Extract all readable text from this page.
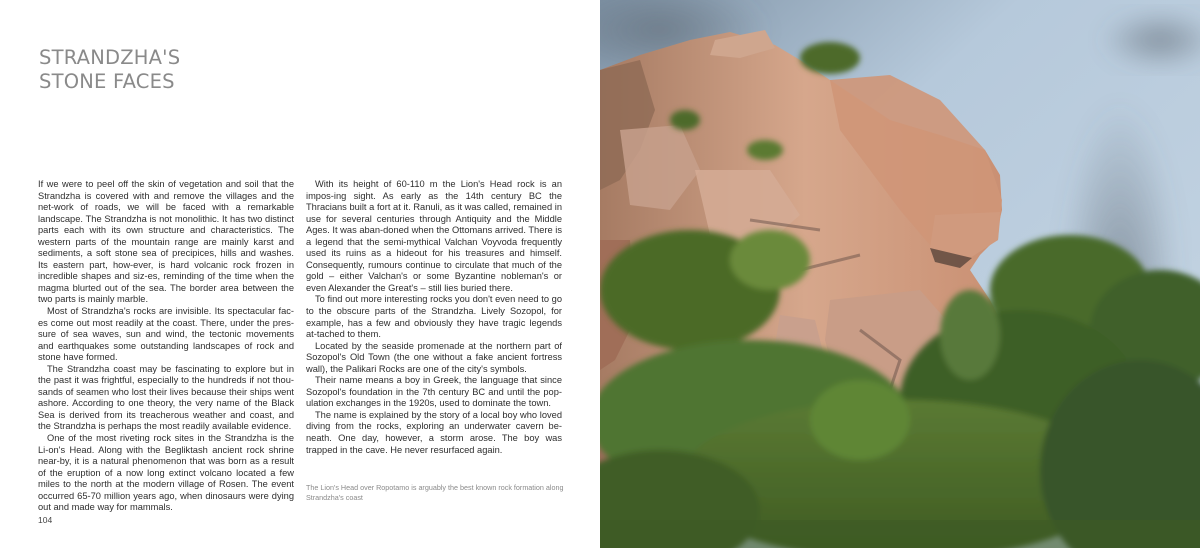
STRANDZHA'S
STONE FACES

If we were to peel off the skin of vegetation and soil that the Strandzha is covered with and remove the villages and the net-work of roads, we will be faced with a remarkable landscape. The Strandzha is not monolithic. It has two distinct parts each with its own structure and characteristics. The western parts of the mountain range are mainly karst and sediments, a soft stone sea of precipices, hills and washes. Its eastern part, how-ever, is hard volcanic rock frozen in incredible shapes and siz-es, reminding of the time when the magma blurted out of the sea. The border area between the two parts is mainly marble.

Most of Strandzha's rocks are invisible. Its spectacular fac-es come out most readily at the coast. There, under the pres-sure of sea waves, sun and wind, the tectonic movements and earthquakes some outstanding landscapes of rock and stone have formed.

The Strandzha coast may be fascinating to explore but in the past it was frightful, especially to the hundreds if not thou-sands of seamen who lost their lives because their ships went ashore. According to one theory, the very name of the Black Sea is derived from its treacherous weather and coast, and the Strandzha is perhaps the most readily available evidence.

One of the most riveting rock sites in the Strandzha is the Li-on's Head. Along with the Begliktash ancient rock shrine near-by, it is a natural phenomenon that was born as a result of the eruption of a now long extinct volcano located a few miles to the north at the modern village of Rosen. The event occurred 65-70 million years ago, when dinosaurs were dying out and made way for mammals.

With its height of 60-110 m the Lion's Head rock is an impos-ing sight. As early as the 14th century BC the Thracians built a fort at it. Ranuli, as it was called, remained in use for several centuries through Antiquity and the Middle Ages. It was aban-doned when the Ottomans arrived. There is a legend that the semi-mythical Valchan Voyvoda frequently used its ruins as a hideout for his treasures and himself. Consequently, rumours continue to circulate that much of the gold – either Valchan's or some Byzantine nobleman's or even Alexander the Great's – still lies buried there.

To find out more interesting rocks you don't even need to go to the obscure parts of the Strandzha. Lively Sozopol, for example, has a few and obviously they have tragic legends at-tached to them.

Located by the seaside promenade at the northern part of Sozopol's Old Town (the one without a fake ancient fortress wall), the Palikari Rocks are one of the city's symbols.

Their name means a boy in Greek, the language that since Sozopol's foundation in the 7th century BC and until the pop-ulation exchanges in the 1920s, used to dominate the town.

The name is explained by the story of a local boy who loved diving from the rocks, exploring an underwater cavern be-neath. One day, however, a storm arose. The boy was trapped in the cave. He never resurfaced again.

The Lion's Head over Ropotamo is arguably the best known rock formation along Strandzha's coast
104
